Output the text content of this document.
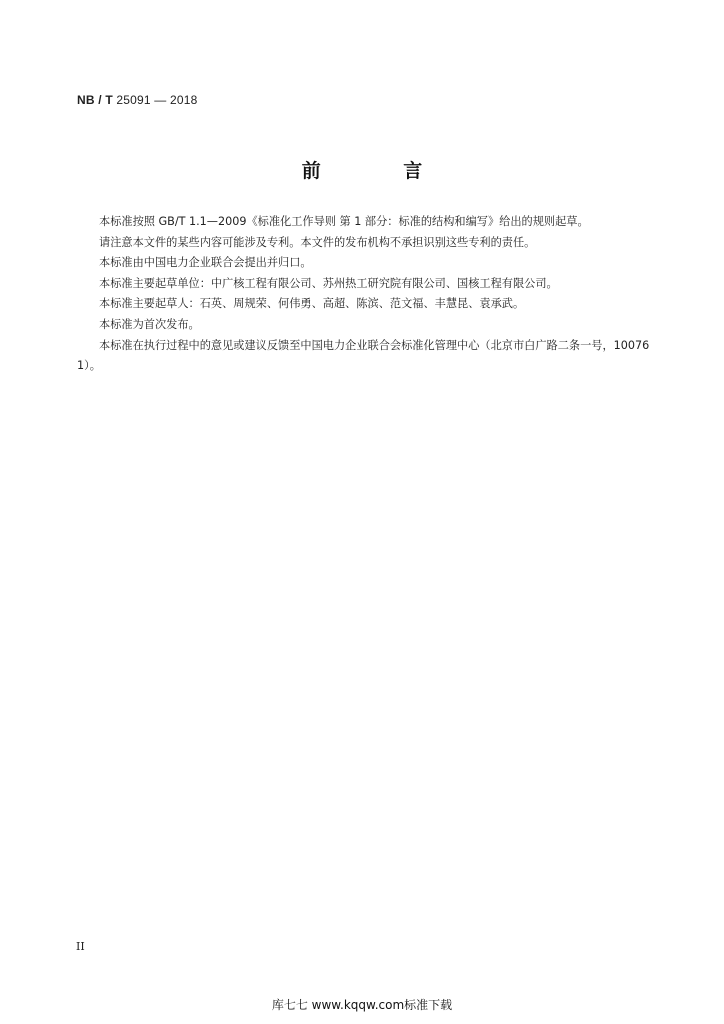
NB / T 25091 — 2018
前 言

本标准按照 GB/T 1.1—2009《标准化工作导则 第 1 部分：标准的结构和编写》给出的规则起草。

请注意本文件的某些内容可能涉及专利。本文件的发布机构不承担识别这些专利的责任。

本标准由中国电力企业联合会提出并归口。

本标准主要起草单位：中广核工程有限公司、苏州热工研究院有限公司、国核工程有限公司。

本标准主要起草人：石英、周规荣、何伟勇、高超、陈滨、范文福、丰慧昆、袁承武。

本标准为首次发布。

本标准在执行过程中的意见或建议反馈至中国电力企业联合会标准化管理中心（北京市白广路二条一号，100761）。

II
库七七 www.kqqw.com标准下载
